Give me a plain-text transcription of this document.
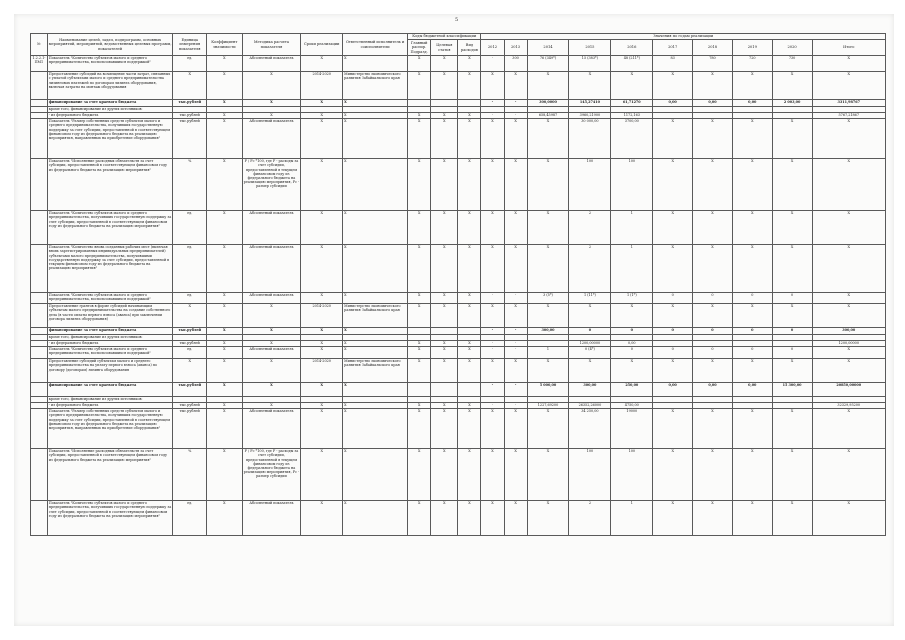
5
№	Наименование целей, задач, подпрограмм, основных мероприятий, мероприятий, ведомственных целевых программ, показателей	Единица измерения показателя	Коэффициент значимости	Методика расчета показателя	Сроки реализации	Ответственный исполнитель и соисполнители	Коды бюджетной классификации			Значения по годам реализации									
							Главный распор. Подразд.	Целевая статья	Вид расходов	2012	2013	2014	2015	2016	2017	2018	2019	2020	Итого
1.2.2.1-ПМ1	Показатель "Количество субъектов малого и среднего предпринимательства, воспользовавшихся поддержкой"	ед.	X	Абсолютный показатель	X	X	X	X	X	-	300	76 (349*)	15 (383*)	48 (211*)	83	780	720	730	X
	Предоставление субсидий на возмещение части затрат, связанных с уплатой субъектами малого и среднего предпринимательства лизинговых платежей по договорам лизинга оборудования, включая затраты на монтаж оборудования	X	X	X	2014-2020	Министерство экономического развития Забайкальского края	X	X	X	X	X	X	X	X	X	X	X	X	X
	финансирование за счет краевого бюджета	тыс.рублей	X	X	X	X				-	-	300,0000	145,27410	61,71270	0,00	0,00	0,00	2 003,00	3311,98767
	кроме того, финансирование из других источников:																		
	- из федерального бюджета	тыс.рублей	X	X	X	X	X	X	X	-	-	658,45987	3960,21900	1172,163					5767,21867
	Показатель "Размер собственных средств субъектов малого и среднего предпринимательства, получивших государственную поддержку за счет субсидии, предоставленной в соответствующем финансовом году из федерального бюджета на реализацию мероприятия, направленных на приобретение оборудования"	тыс.рублей	X	Абсолютный показатель	X	X	X	X	X	X	X	X	30 000,00	3700,00	X	X	X	X	X
	Показатель "Исполнение расходных обязательств за счет субсидии, предоставленной в соответствующем финансовом году из федерального бюджета на реализацию мероприятия"	%	X	F / Fс *100, где F - расходы за счет субсидии, предоставленной в текущем финансовом году из федерального бюджета на реализацию мероприятия, Fс - размер субсидии	X	X	X	X	X	X	X	X	100	100	X	X	X	X	X
	Показатель "Количество субъектов малого и среднего предпринимательства, получивших государственную поддержку за счет субсидии, предоставленной в соответствующем финансовом году из федерального бюджета на реализацию мероприятия"	ед.	X	Абсолютный показатель	X	X	X	X	X	X	X	X	2	1	X	X	X	X	X
	Показатель "Количество вновь созданных рабочих мест (включая вновь зарегистрированных индивидуальных предпринимателей) субъектами малого предпринимательства, получившими государственную поддержку за счет субсидии, предоставленной в текущем финансовом году из федерального бюджета на реализацию мероприятия"	ед.	X	Абсолютный показатель	X	X	X	X	X	X	X	X	2	1	X	X	X	X	X
	Показатель "Количество субъектов малого и среднего предпринимательства, воспользовавшихся поддержкой"	ед.	X	Абсолютный показатель	X	X	X	X	X	-	-	3 (5*)	1 (11*)	1 (1*)	0	0	0	0	X
	Предоставление грантов в форме субсидий начинающим субъектам малого предпринимательства на создание собственного дела (в части оплаты первого взноса (аванса) при заключении договора лизинга оборудования)	X	X	X	2014-2020	Министерство экономического развития Забайкальского края	X	X	X	X	X	X	X	X	X	X	X	X	X
	финансирование за счет краевого бюджета	тыс.рублей	X	X	X	X				-	-	300,00	0	0	0	0	0	0	300,00
	кроме того, финансирование из других источников:																		
	- из федерального бюджета	тыс.рублей	X	X	X	X	X	X	X	-	-		1200,00000	0,00					1200,00000
	Показатель "Количество субъектов малого и среднего предпринимательства, воспользовавшихся поддержкой"	ед.	X	Абсолютный показатель	X	X	X	X	X	-	-	1	0 (4*)	0	0	0	0	0	X
	Предоставление субсидий субъектам малого и среднего предпринимательства на уплату первого взноса (аванса) по договору (договорам) лизинга оборудования	X	X	X	2014-2020	Министерство экономического развития Забайкальского края	X	X	X	X	X	X	X	X	X	X	X	X	X
	финансирование за счет краевого бюджета	тыс.рублей	X	X	X	X				-	-	5 000,00	300,00	250,00	0,00	0,00	0,00	15 300,00	20850,00000
	кроме того, финансирование из других источников:																		
	- из федерального бюджета	тыс.рублей	X	X	X	X	X	X	X	-	-	1227,69200	26352,26000	4750,00					32329,95200
	Показатель "Размер собственных средств субъектов малого и среднего предпринимательства, получивших государственную поддержку за счет субсидии, предоставленной в соответствующем финансовом году из федерального бюджета на реализацию мероприятия, направленных на приобретение оборудования"	тыс.рублей	X	Абсолютный показатель	X	X	X	X	X	X	X	X	34 250,00	19000	X	X	X	X	X
	Показатель "Исполнение расходных обязательств за счет субсидии, предоставленной в соответствующем финансовом году из федерального бюджета на реализацию мероприятия"	%	X	F / Fс *100, где F - расходы за счет субсидии, предоставленной в текущем финансовом году из федерального бюджета на реализацию мероприятия, Fс - размер субсидии	X	X	X	X	X	X	X	X	100	100	X	X	X	X	X
	Показатель "Количество субъектов малого и среднего предпринимательства, получивших государственную поддержку за счет субсидии, предоставленной в соответствующем финансовом году из федерального бюджета на реализацию мероприятия"	ед.	X	Абсолютный показатель	X	X	X	X	X	X	X	X	2	1	X	X	X	X	X
